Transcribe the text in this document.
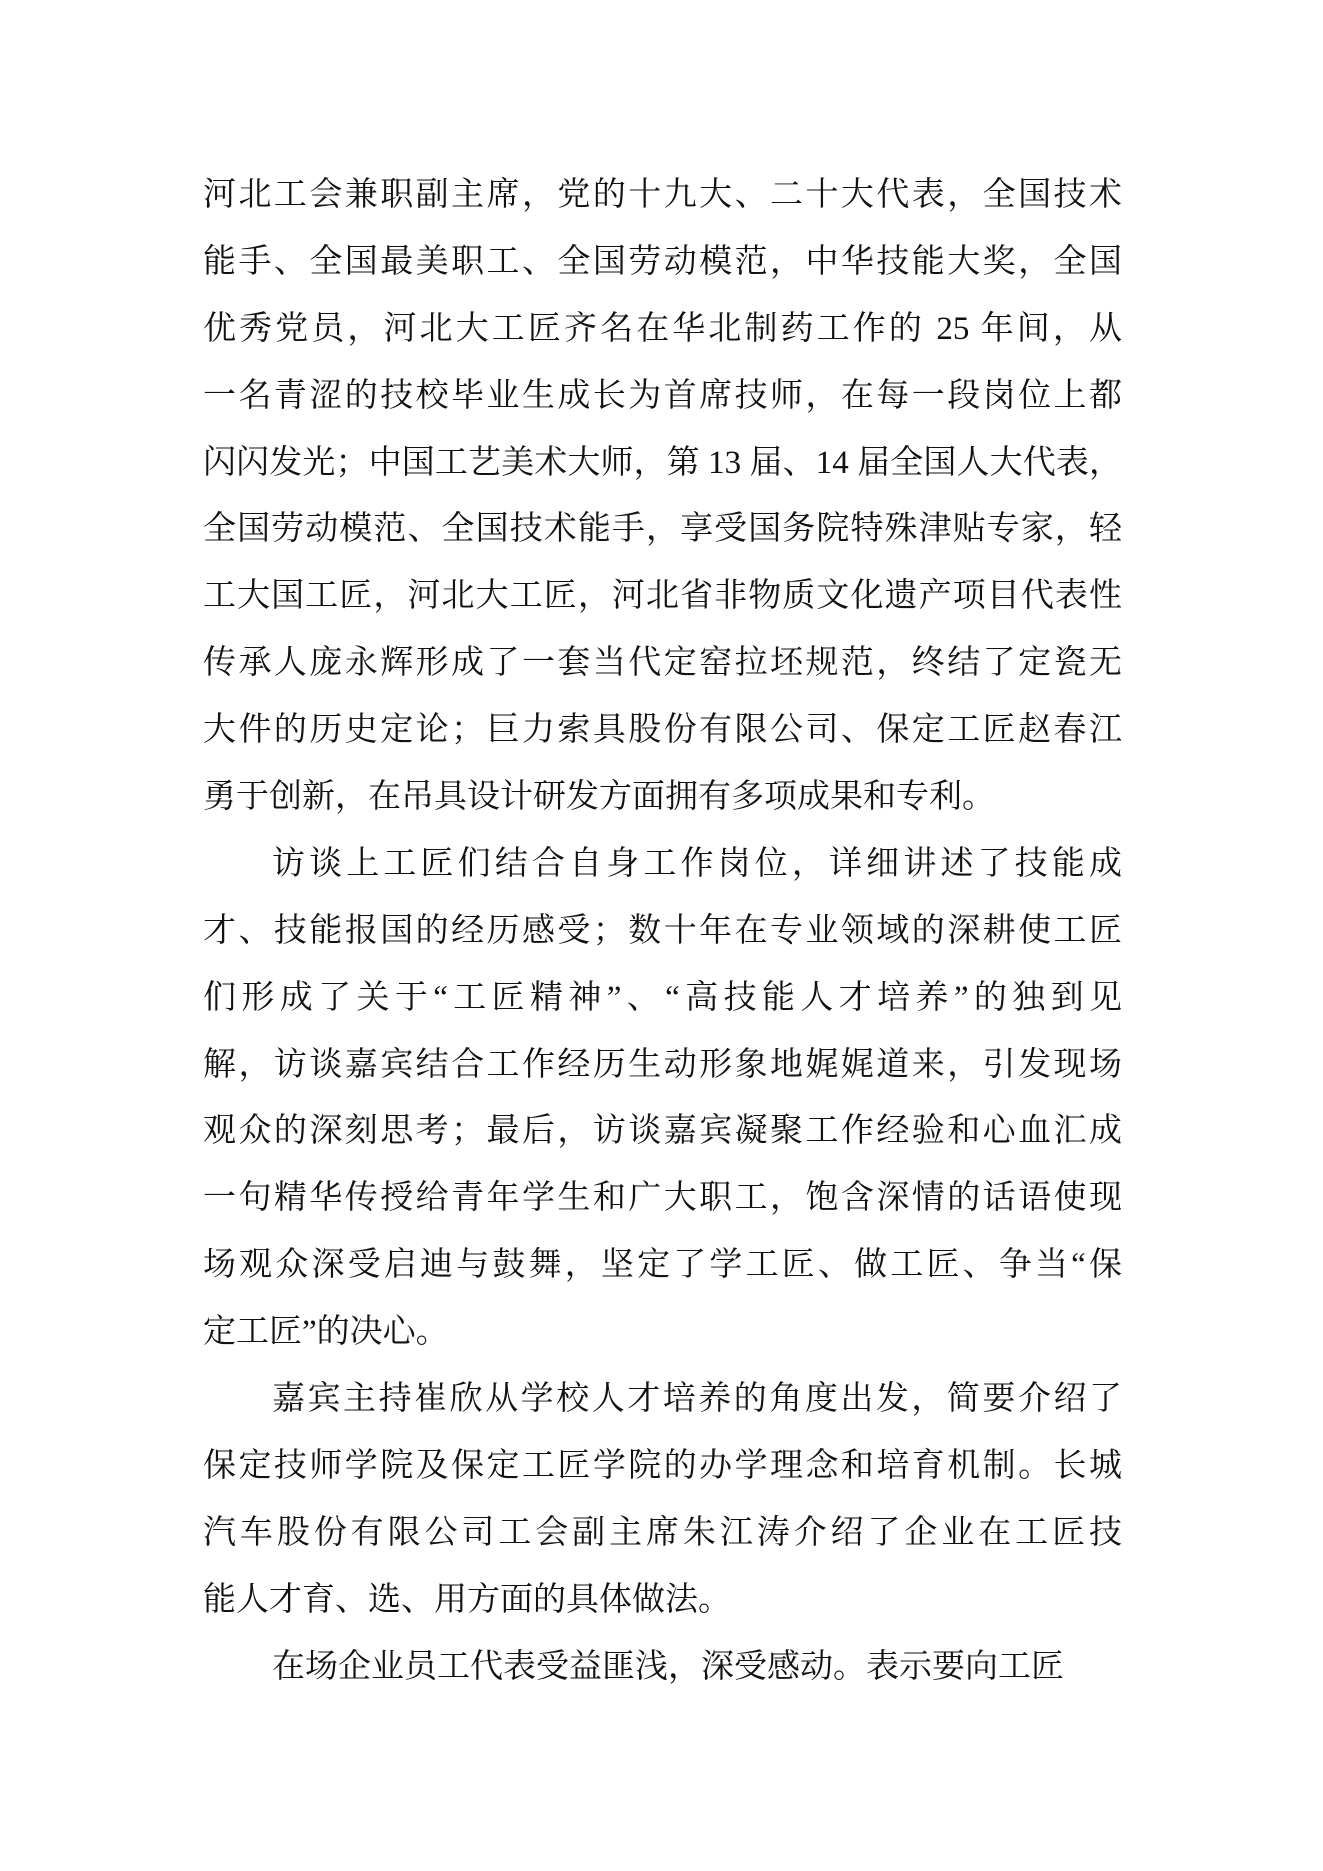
河北工会兼职副主席，党的十九大、二十大代表，全国技术
能手、全国最美职工、全国劳动模范，中华技能大奖，全国
优秀党员，河北大工匠齐名在华北制药工作的 25 年间，从
一名青涩的技校毕业生成长为首席技师，在每一段岗位上都
闪闪发光；中国工艺美术大师，第 13 届、14 届全国人大代表，
全国劳动模范、全国技术能手，享受国务院特殊津贴专家，轻
工大国工匠，河北大工匠，河北省非物质文化遗产项目代表性
传承人庞永辉形成了一套当代定窑拉坯规范，终结了定瓷无
大件的历史定论；巨力索具股份有限公司、保定工匠赵春江
勇于创新，在吊具设计研发方面拥有多项成果和专利。
访谈上工匠们结合自身工作岗位，详细讲述了技能成
才、技能报国的经历感受；数十年在专业领域的深耕使工匠
们形成了关于“工匠精神”、“高技能人才培养”的独到见
解，访谈嘉宾结合工作经历生动形象地娓娓道来，引发现场
观众的深刻思考；最后，访谈嘉宾凝聚工作经验和心血汇成
一句精华传授给青年学生和广大职工，饱含深情的话语使现
场观众深受启迪与鼓舞，坚定了学工匠、做工匠、争当“保
定工匠”的决心。
嘉宾主持崔欣从学校人才培养的角度出发，简要介绍了
保定技师学院及保定工匠学院的办学理念和培育机制。长城
汽车股份有限公司工会副主席朱江涛介绍了企业在工匠技
能人才育、选、用方面的具体做法。
在场企业员工代表受益匪浅，深受感动。表示要向工匠
